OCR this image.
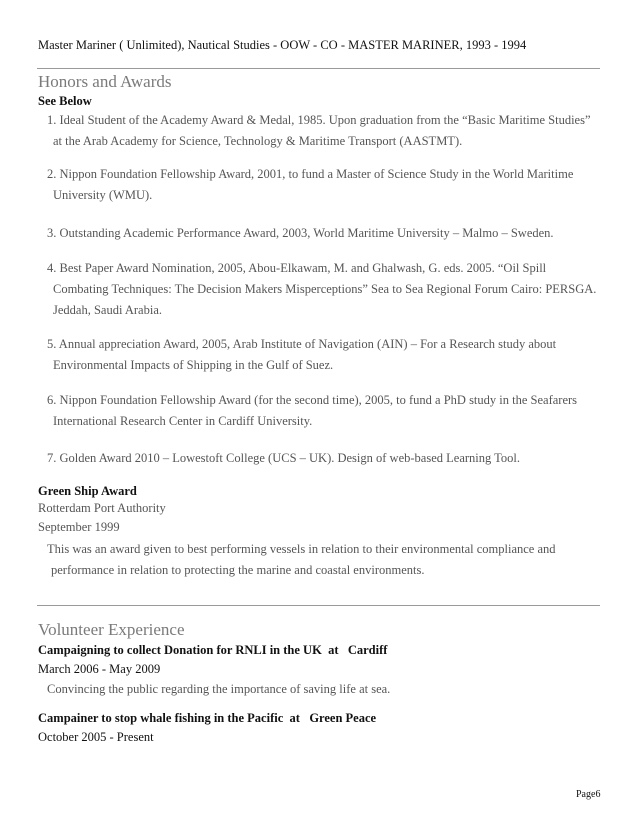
Master Mariner ( Unlimited), Nautical Studies - OOW - CO - MASTER MARINER, 1993 - 1994
Honors and Awards
See Below
1. Ideal Student of the Academy Award & Medal, 1985. Upon graduation from the “Basic Maritime Studies”
at the Arab Academy for Science, Technology & Maritime Transport (AASTMT).
2. Nippon Foundation Fellowship Award, 2001, to fund a Master of Science Study in the World Maritime
University (WMU).
3. Outstanding Academic Performance Award, 2003, World Maritime University – Malmo – Sweden.
4. Best Paper Award Nomination, 2005, Abou-Elkawam, M. and Ghalwash, G. eds. 2005. “Oil Spill
Combating Techniques: The Decision Makers Misperceptions” Sea to Sea Regional Forum Cairo: PERSGA.
Jeddah, Saudi Arabia.
5. Annual appreciation Award, 2005, Arab Institute of Navigation (AIN) – For a Research study about
Environmental Impacts of Shipping in the Gulf of Suez.
6. Nippon Foundation Fellowship Award (for the second time), 2005, to fund a PhD study in the Seafarers
International Research Center in Cardiff University.
7. Golden Award 2010 – Lowestoft College (UCS – UK). Design of web-based Learning Tool.
Green Ship Award
Rotterdam Port Authority
September 1999
This was an award given to best performing vessels in relation to their environmental compliance and
performance in relation to protecting the marine and coastal environments.
Volunteer Experience
Campaigning to collect Donation for RNLI in the UK at Cardiff
March 2006 - May 2009
Convincing the public regarding the importance of saving life at sea.
Campainer to stop whale fishing in the Pacific at Green Peace
October 2005 - Present
Page6
